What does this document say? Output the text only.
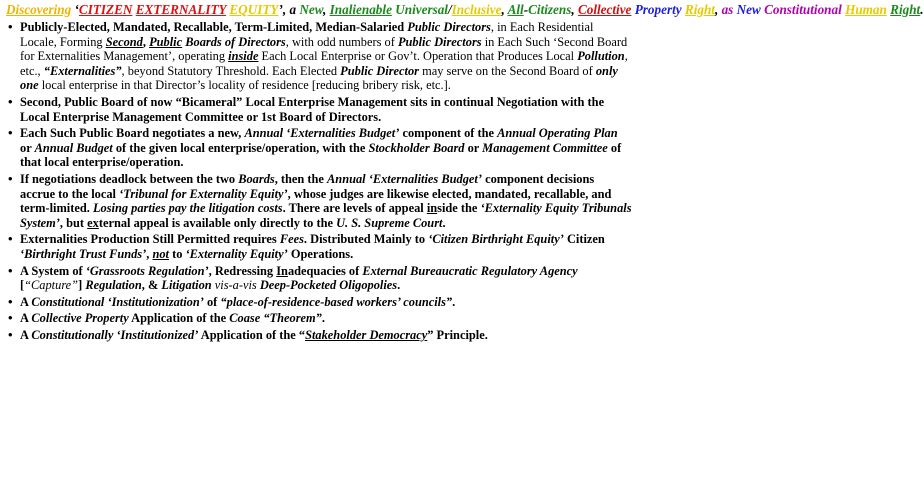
Discovering ‘CITIZEN EXTERNALITY EQUITY’, a New, Inalienable Universal/Inclusive, All-Citizens, Collective Property Right, as New Constitutional Human Right.
• Publicly-Elected, Mandated, Recallable, Term-Limited, Median-Salaried Public Directors, in Each Residential Locale, Forming Second, Public Boards of Directors, with odd numbers of Public Directors in Each Such ‘Second Board for Externalities Management’, operating inside Each Local Enterprise or Gov’t. Operation that Produces Local Pollution, etc., “Externalities”, beyond Statutory Threshold. Each Elected Public Director may serve on the Second Board of only one local enterprise in that Director’s locality of residence [reducing bribery risk, etc.].
• Second, Public Board of now “Bicameral” Local Enterprise Management sits in continual Negotiation with the Local Enterprise Management Committee or 1st Board of Directors.
• Each Such Public Board negotiates a new, Annual ‘Externalities Budget’ component of the Annual Operating Plan or Annual Budget of the given local enterprise/operation, with the Stockholder Board or Management Committee of that local enterprise/operation.
• If negotiations deadlock between the two Boards, then the Annual ‘Externalities Budget’ component decisions accrue to the local ‘Tribunal for Externality Equity’, whose judges are likewise elected, mandated, recallable, and term-limited. Losing parties pay the litigation costs. There are levels of appeal inside the ‘Externality Equity Tribunals System’, but external appeal is available only directly to the U. S. Supreme Court.
• Externalities Production Still Permitted requires Fees. Distributed Mainly to ‘Citizen Birthright Equity’ Citizen ‘Birthright Trust Funds’, not to ‘Externality Equity’ Operations.
• A System of ‘Grassroots Regulation’, Redressing Inadequacies of External Bureaucratic Regulatory Agency [“Capture”] Regulation, & Litigation vis-a-vis Deep-Pocketed Oligopolies.
• A Constitutional ‘Institutionization’ of “place-of-residence-based workers’ councils”.
• A Collective Property Application of the Coase “Theorem”.
• A Constitutionally ‘Institutionized’ Application of the “Stakeholder Democracy” Principle.
